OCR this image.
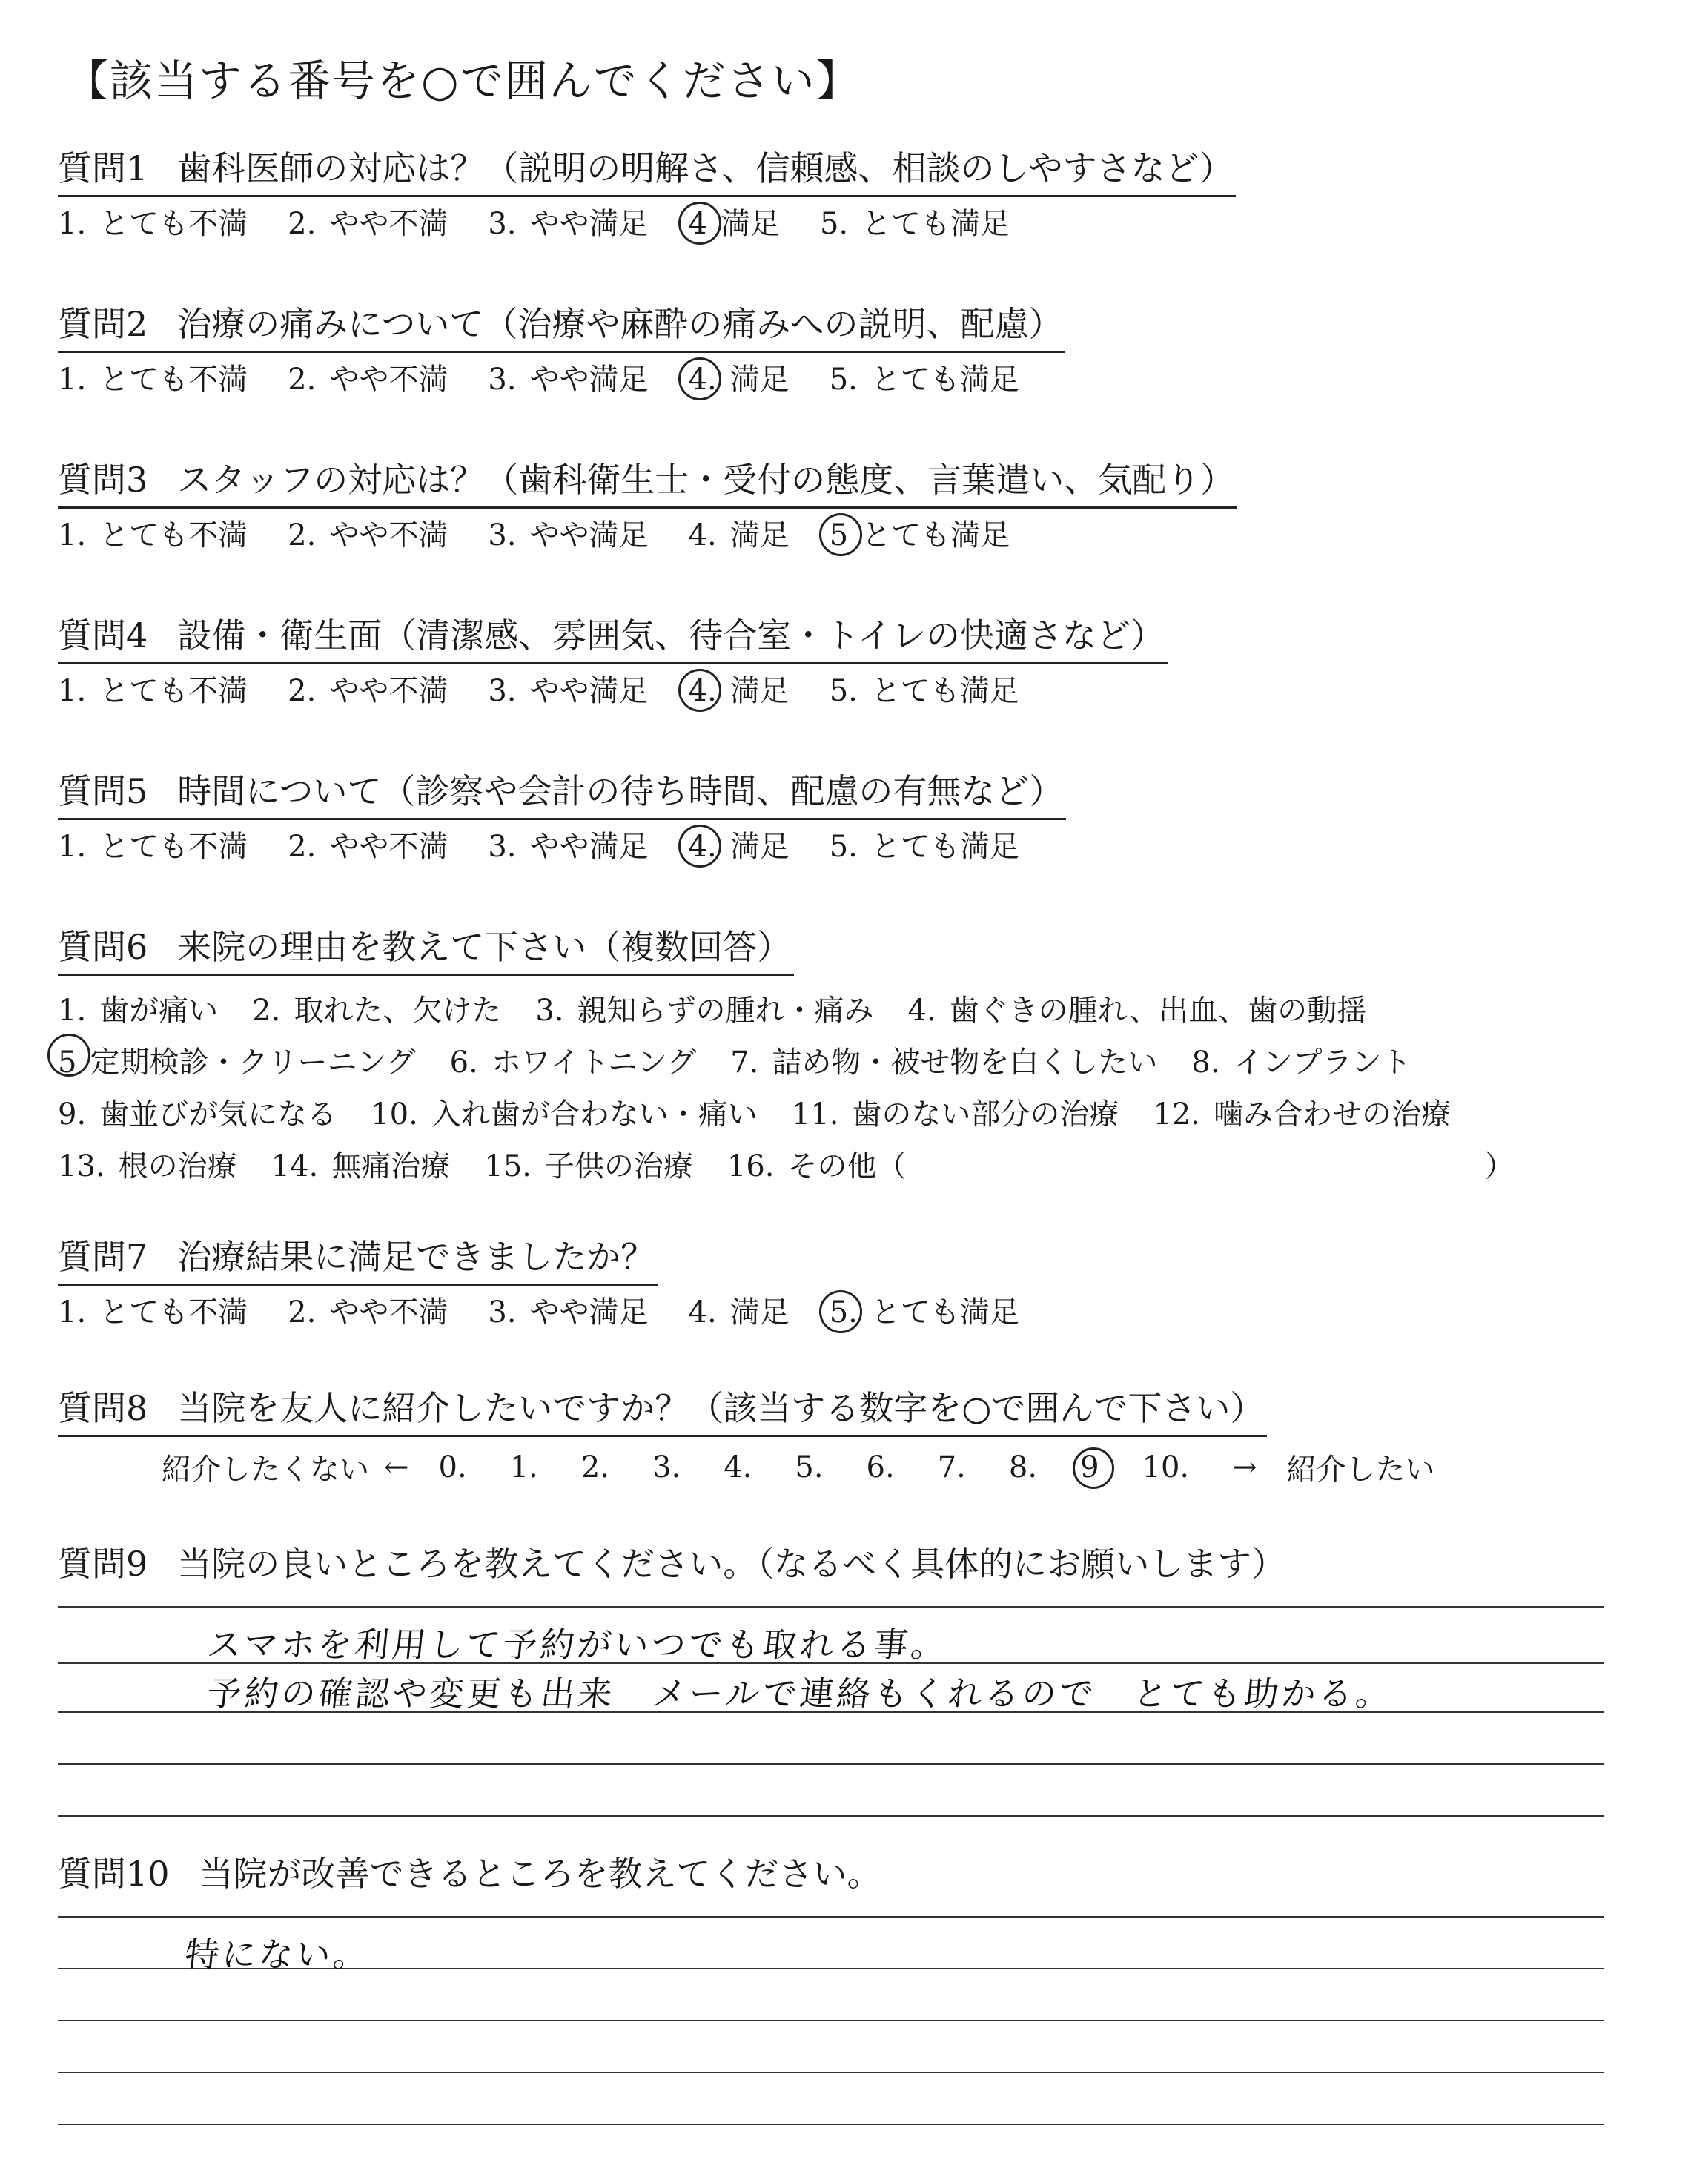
【該当する番号を○で囲んでください】
質問1 歯科医師の対応は？（説明の明解さ、信頼感、相談のしやすさなど）
1. とても不満 2. やや不満 3. やや満足 4 満足 5. とても満足
質問2 治療の痛みについて（治療や麻酔の痛みへの説明、配慮）
1. とても不満 2. やや不満 3. やや満足 4. 満足 5. とても満足
質問3 スタッフの対応は？（歯科衛生士・受付の態度、言葉遣い、気配り）
1. とても不満 2. やや不満 3. やや満足 4. 満足 5 とても満足
質問4 設備・衛生面（清潔感、雰囲気、待合室・トイレの快適さなど）
1. とても不満 2. やや不満 3. やや満足 4. 満足 5. とても満足
質問5 時間について（診察や会計の待ち時間、配慮の有無など）
1. とても不満 2. やや不満 3. やや満足 4. 満足 5. とても満足
質問6 来院の理由を教えて下さい（複数回答）
1. 歯が痛い 2. 取れた、欠けた 3. 親知らずの腫れ・痛み 4. 歯ぐきの腫れ、出血、歯の動揺
5 定期検診・クリーニング 6. ホワイトニング 7. 詰め物・被せ物を白くしたい 8. インプラント
9. 歯並びが気になる 10. 入れ歯が合わない・痛い 11. 歯のない部分の治療 12. 噛み合わせの治療
13. 根の治療 14. 無痛治療 15. 子供の治療 16. その他（	）
質問7 治療結果に満足できましたか？
1. とても不満 2. やや不満 3. やや満足 4. 満足 5. とても満足
質問8 当院を友人に紹介したいですか？（該当する数字を○で囲んで下さい）
紹介したくない ← 0. 1. 2. 3. 4. 5. 6. 7. 8. 9 10. → 紹介したい
質問9 当院の良いところを教えてください。（なるべく具体的にお願いします）
スマホを利用して予約がいつでも取れる事。
予約の確認や変更も出来　メールで連絡もくれるので　とても助かる。
質問10 当院が改善できるところを教えてください。
特にない。
